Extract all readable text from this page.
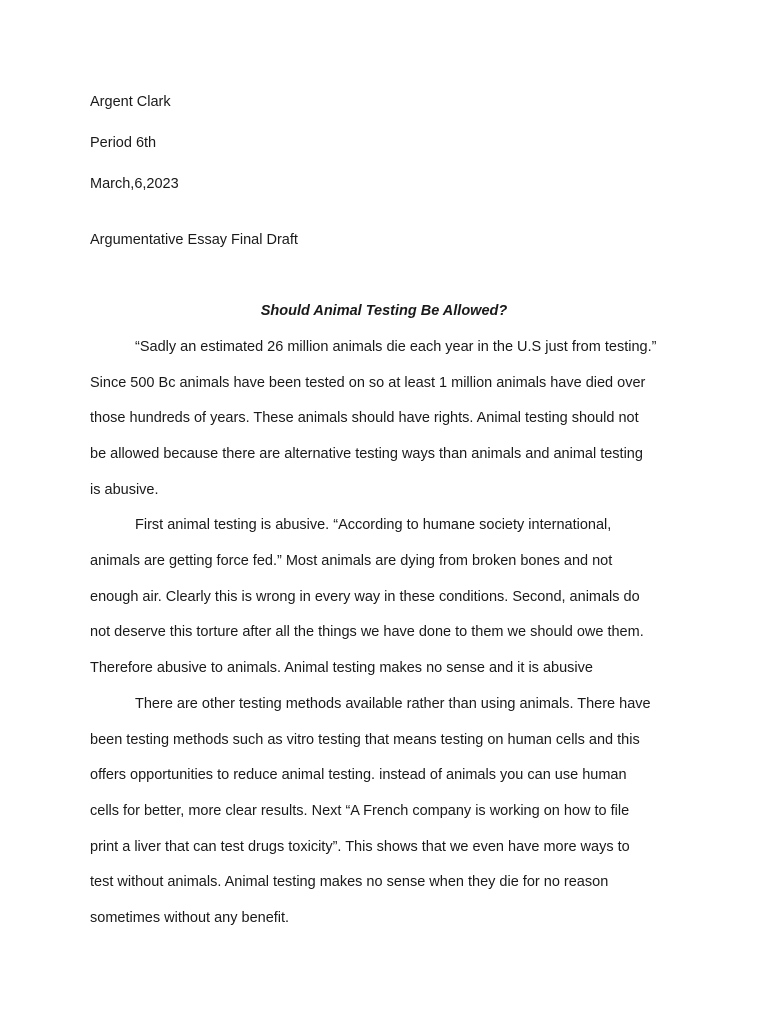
Argent Clark
Period 6th
March,6,2023
Argumentative Essay Final Draft
Should Animal Testing Be Allowed?
“Sadly an estimated 26 million animals die each year in the U.S just from testing.”
Since 500 Bc animals have been tested on so at least 1 million animals have died over
those hundreds of years. These animals should have rights. Animal testing should not
be allowed because there are alternative testing ways than animals and animal testing
is abusive.
First animal testing is abusive. “According to humane society international,
animals are getting force fed.” Most animals are dying from broken bones and not
enough air. Clearly this is wrong in every way in these conditions. Second, animals do
not deserve this torture after all the things we have done to them we should owe them.
Therefore abusive to animals. Animal testing makes no sense and it is abusive
There are other testing methods available rather than using animals. There have
been testing methods such as vitro testing that means testing on human cells and this
offers opportunities to reduce animal testing. instead of animals you can use human
cells for better, more clear results. Next “A French company is working on how to file
print a liver that can test drugs toxicity”. This shows that we even have more ways to
test without animals. Animal testing makes no sense when they die for no reason
sometimes without any benefit.
